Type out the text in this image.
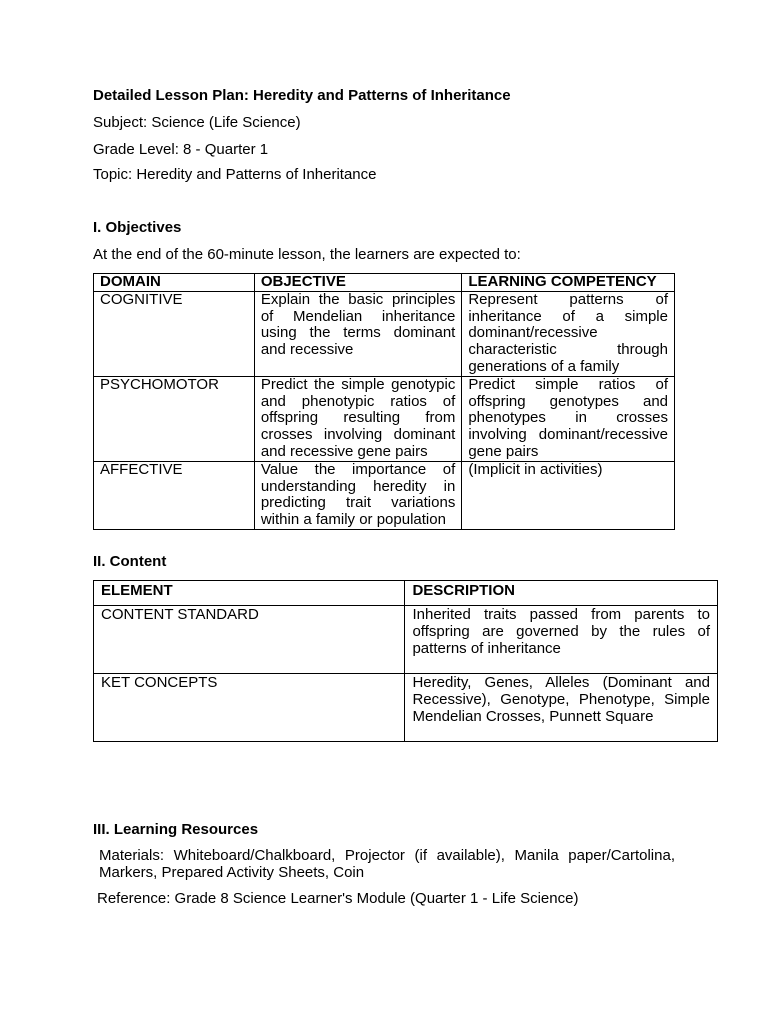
Detailed Lesson Plan: Heredity and Patterns of Inheritance
Subject: Science (Life Science)
Grade Level: 8 - Quarter 1
Topic: Heredity and Patterns of Inheritance
I. Objectives
At the end of the 60-minute lesson, the learners are expected to:
DOMAIN	OBJECTIVE	LEARNING COMPETENCY
COGNITIVE	Explain the basic principles of Mendelian inheritance using the terms dominant and recessive	Represent patterns of inheritance of a simple dominant/recessive characteristic through generations of a family
PSYCHOMOTOR	Predict the simple genotypic and phenotypic ratios of offspring resulting from crosses involving dominant and recessive gene pairs	Predict simple ratios of offspring genotypes and phenotypes in crosses involving dominant/recessive gene pairs
AFFECTIVE	Value the importance of understanding heredity in predicting trait variations within a family or population	(Implicit in activities)
II. Content
ELEMENT	DESCRIPTION
CONTENT STANDARD	Inherited traits passed from parents to offspring are governed by the rules of patterns of inheritance
KET CONCEPTS	Heredity, Genes, Alleles (Dominant and Recessive), Genotype, Phenotype, Simple Mendelian Crosses, Punnett Square
III. Learning Resources
Materials: Whiteboard/Chalkboard, Projector (if available), Manila paper/Cartolina, Markers, Prepared Activity Sheets, Coin
Reference: Grade 8 Science Learner's Module (Quarter 1 - Life Science)
